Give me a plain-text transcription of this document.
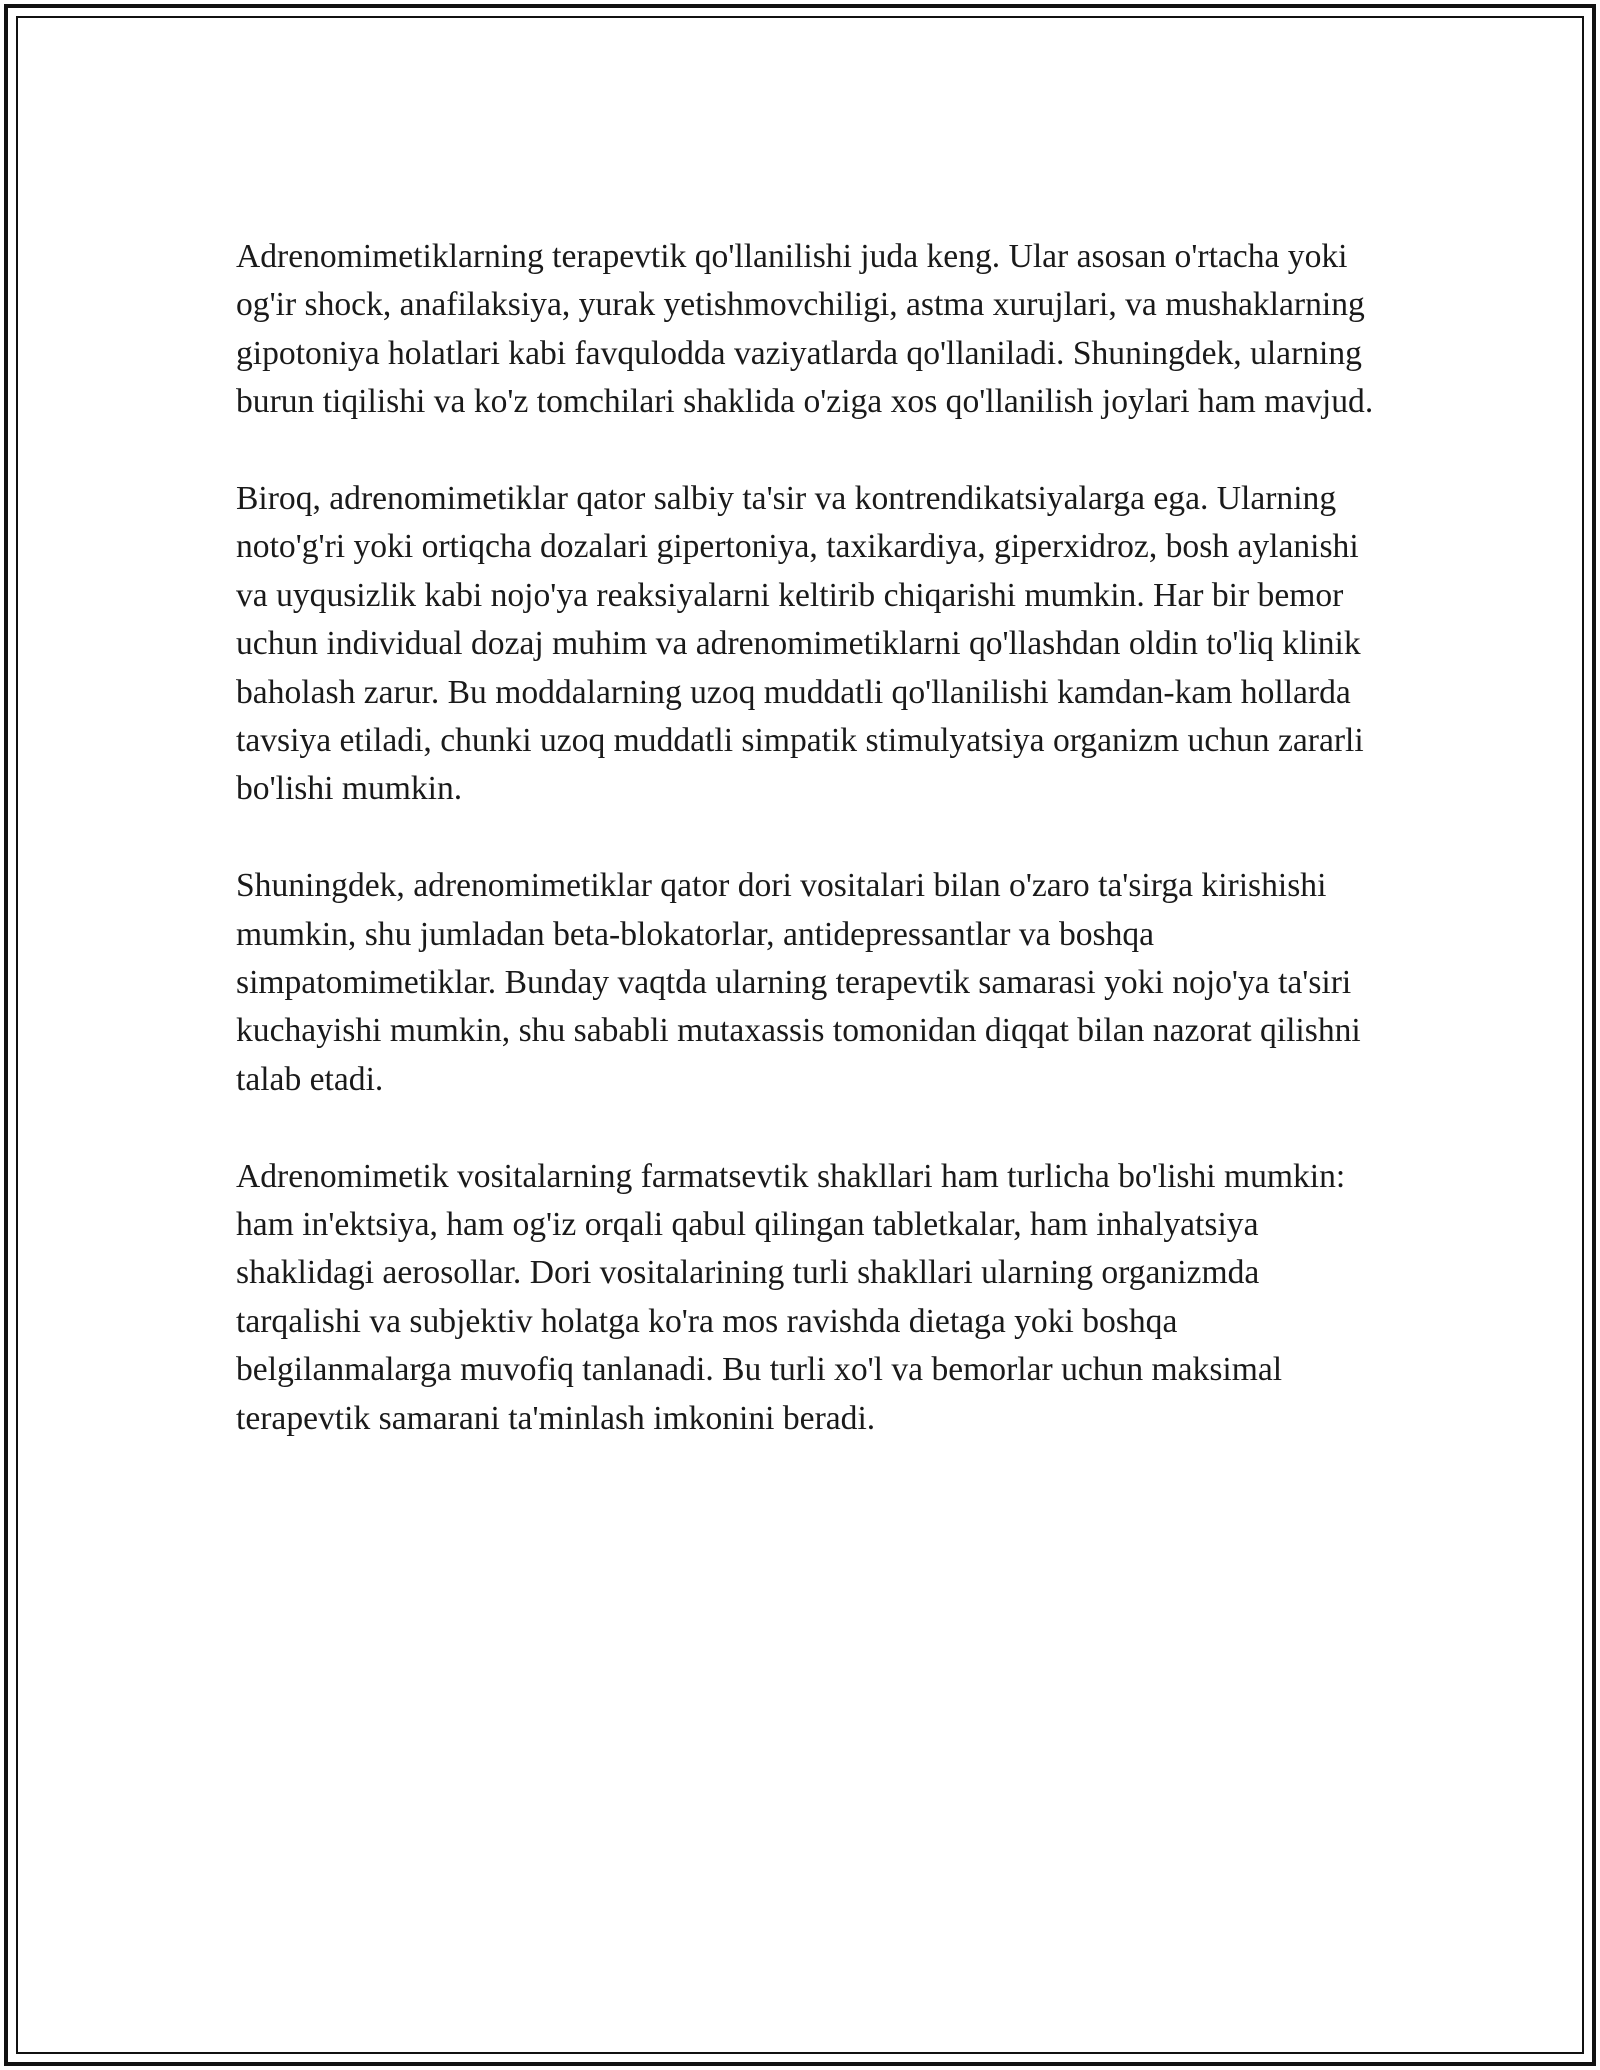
Adrenomimetiklarning terapevtik qo'llanilishi juda keng. Ular asosan o'rtacha yoki og'ir shock, anafilaksiya, yurak yetishmovchiligi, astma xurujlari, va mushaklarning gipotoniya holatlari kabi favqulodda vaziyatlarda qo'llaniladi. Shuningdek, ularning burun tiqilishi va ko'z tomchilari shaklida o'ziga xos qo'llanilish joylari ham mavjud.

Biroq, adrenomimetiklar qator salbiy ta'sir va kontrendikatsiyalarga ega. Ularning noto'g'ri yoki ortiqcha dozalari gipertoniya, taxikardiya, giperxidroz, bosh aylanishi va uyqusizlik kabi nojo'ya reaksiyalarni keltirib chiqarishi mumkin. Har bir bemor uchun individual dozaj muhim va adrenomimetiklarni qo'llashdan oldin to'liq klinik baholash zarur. Bu moddalarning uzoq muddatli qo'llanilishi kamdan-kam hollarda tavsiya etiladi, chunki uzoq muddatli simpatik stimulyatsiya organizm uchun zararli bo'lishi mumkin.

Shuningdek, adrenomimetiklar qator dori vositalari bilan o'zaro ta'sirga kirishishi mumkin, shu jumladan beta-blokatorlar, antidepressantlar va boshqa simpatomimetiklar. Bunday vaqtda ularning terapevtik samarasi yoki nojo'ya ta'siri kuchayishi mumkin, shu sababli mutaxassis tomonidan diqqat bilan nazorat qilishni talab etadi.

Adrenomimetik vositalarning farmatsevtik shakllari ham turlicha bo'lishi mumkin: ham in'ektsiya, ham og'iz orqali qabul qilingan tabletkalar, ham inhalyatsiya shaklidagi aerosollar. Dori vositalarining turli shakllari ularning organizmda tarqalishi va subjektiv holatga ko'ra mos ravishda dietaga yoki boshqa belgilanmalarga muvofiq tanlanadi. Bu turli xo'l va bemorlar uchun maksimal terapevtik samarani ta'minlash imkonini beradi.
